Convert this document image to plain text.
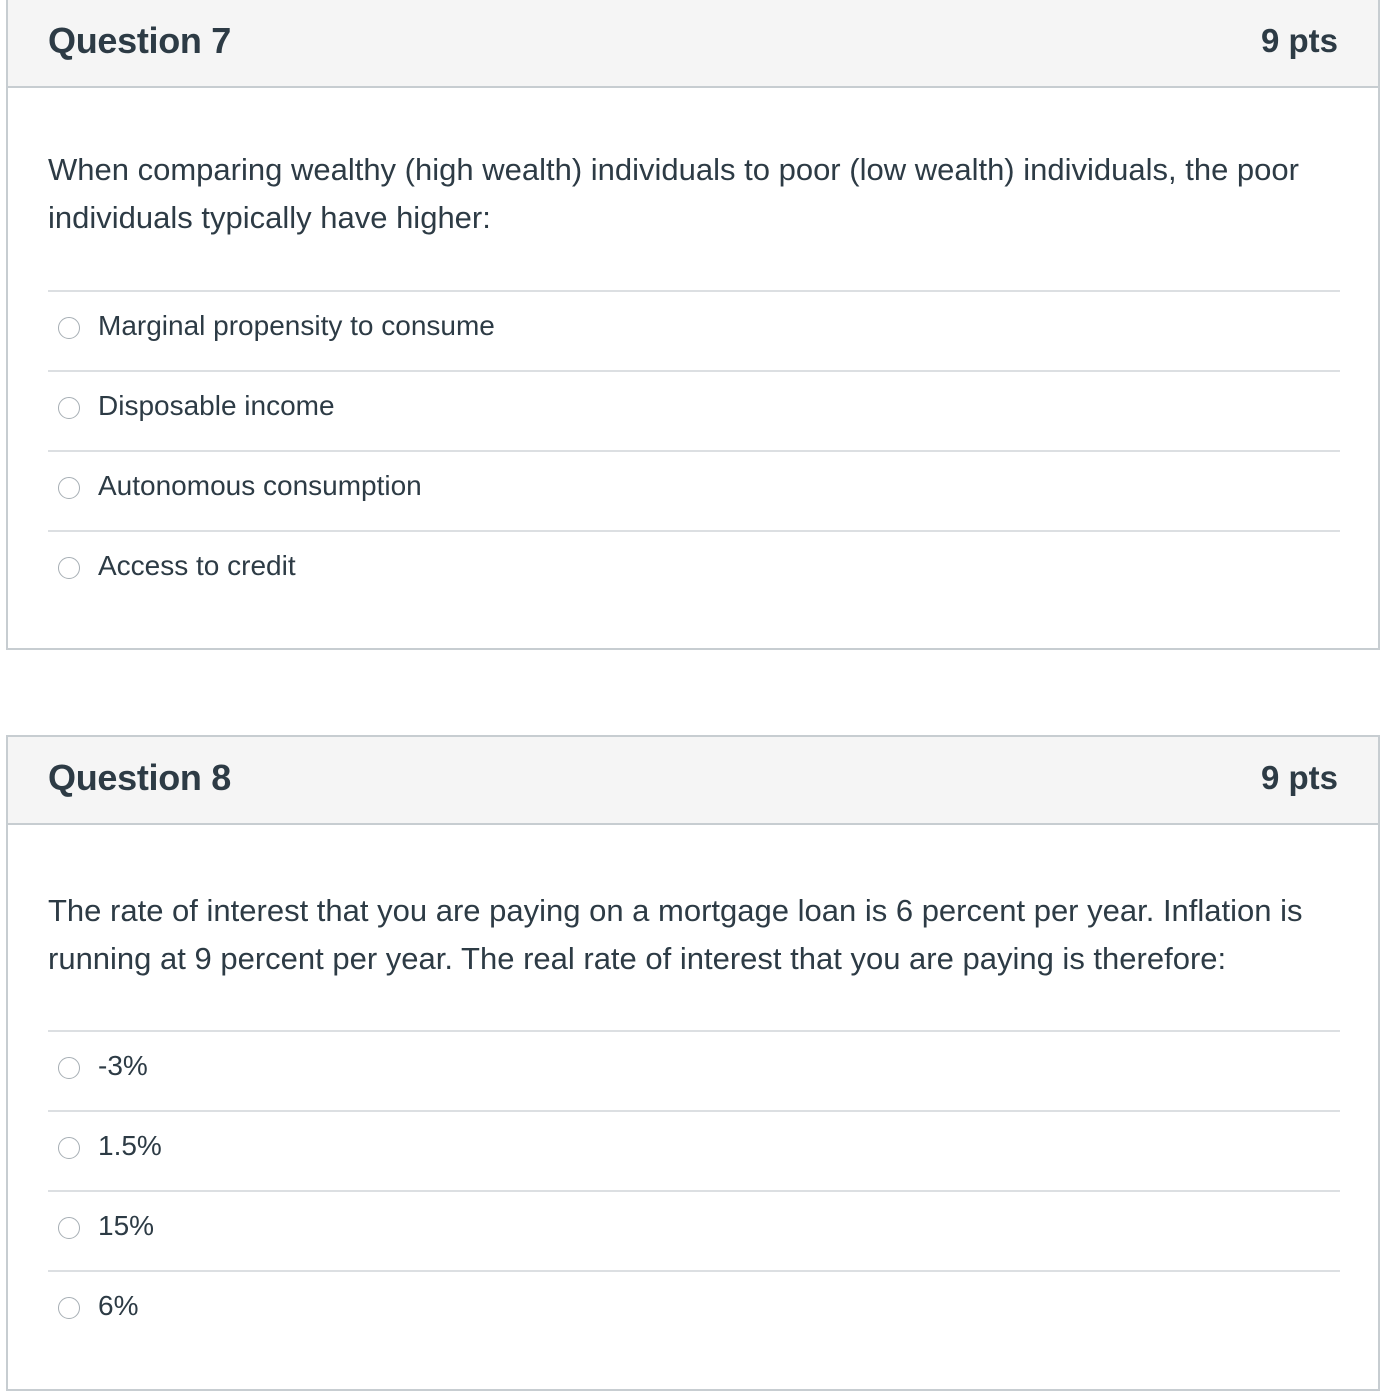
Question 7	9 pts
When comparing wealthy (high wealth) individuals to poor (low wealth) individuals, the poor individuals typically have higher:
Marginal propensity to consume
Disposable income
Autonomous consumption
Access to credit
Question 8	9 pts
The rate of interest that you are paying on a mortgage loan is 6 percent per year. Inflation is running at 9 percent per year. The real rate of interest that you are paying is therefore:
-3%
1.5%
15%
6%
